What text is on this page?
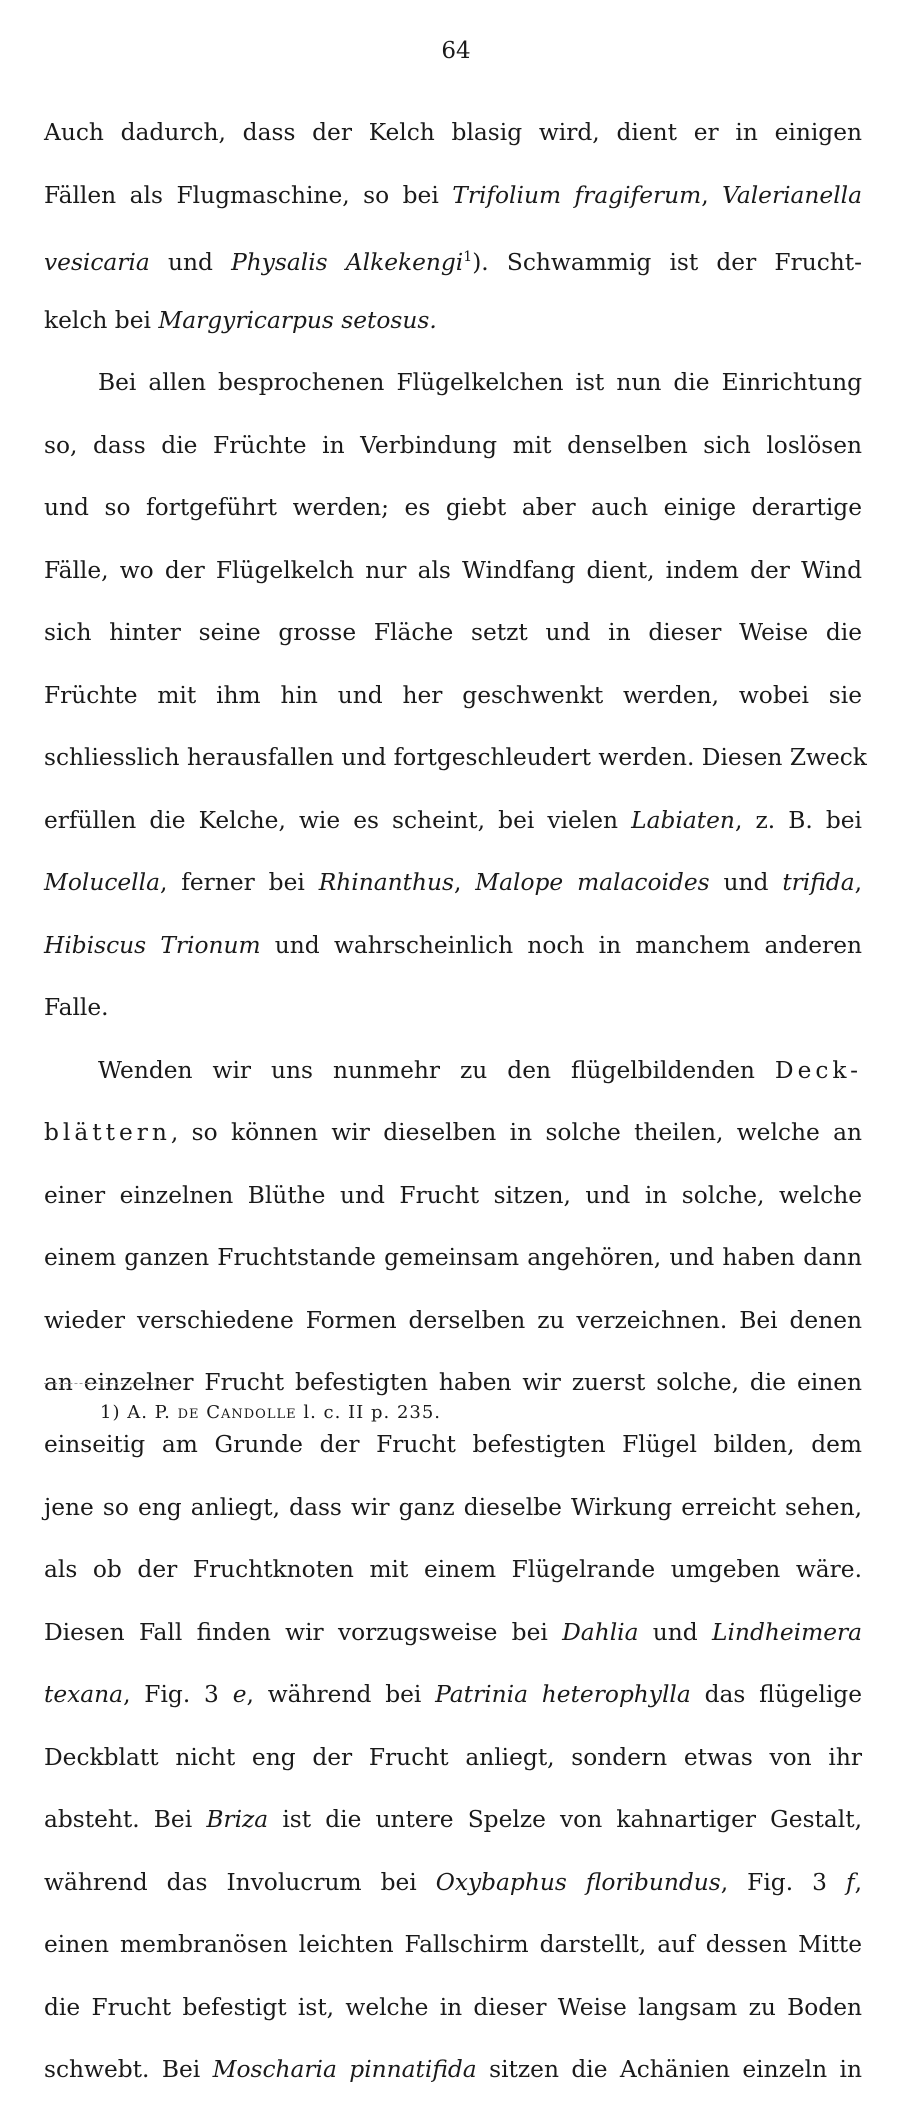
64

Auch dadurch, dass der Kelch blasig wird, dient er in einigen

Fällen als Flugmaschine, so bei Trifolium fragiferum, Valerianella

vesicaria und Physalis Alkekengi$^1$). Schwammig ist der Frucht-

kelch bei Margyricarpus setosus.

Bei allen besprochenen Flügelkelchen ist nun die Einrichtung

so, dass die Früchte in Verbindung mit denselben sich loslösen

und so fortgeführt werden; es giebt aber auch einige derartige

Fälle, wo der Flügelkelch nur als Windfang dient, indem der Wind

sich hinter seine grosse Fläche setzt und in dieser Weise die

Früchte mit ihm hin und her geschwenkt werden, wobei sie

schliesslich herausfallen und fortgeschleudert werden. Diesen Zweck

erfüllen die Kelche, wie es scheint, bei vielen Labiaten, z. B. bei

Molucella, ferner bei Rhinanthus, Malope malacoides und trifida,

Hibiscus Trionum und wahrscheinlich noch in manchem anderen

Falle.

Wenden wir uns nunmehr zu den flügelbildenden Deck-

blättern, so können wir dieselben in solche theilen, welche an

einer einzelnen Blüthe und Frucht sitzen, und in solche, welche

einem ganzen Fruchtstande gemeinsam angehören, und haben dann

wieder verschiedene Formen derselben zu verzeichnen. Bei denen

an einzelner Frucht befestigten haben wir zuerst solche, die einen

einseitig am Grunde der Frucht befestigten Flügel bilden, dem

jene so eng anliegt, dass wir ganz dieselbe Wirkung erreicht sehen,

als ob der Fruchtknoten mit einem Flügelrande umgeben wäre.

Diesen Fall finden wir vorzugsweise bei Dahlia und Lindheimera

texana, Fig. 3 e, während bei Patrinia heterophylla das flügelige

Deckblatt nicht eng der Frucht anliegt, sondern etwas von ihr

absteht. Bei Briza ist die untere Spelze von kahnartiger Gestalt,

während das Involucrum bei Oxybaphus floribundus, Fig. 3 f,

einen membranösen leichten Fallschirm darstellt, auf dessen Mitte

die Frucht befestigt ist, welche in dieser Weise langsam zu Boden

schwebt. Bei Moscharia pinnatifida sitzen die Achänien einzeln in

1) A. P. de Candolle l. c. II p. 235.
